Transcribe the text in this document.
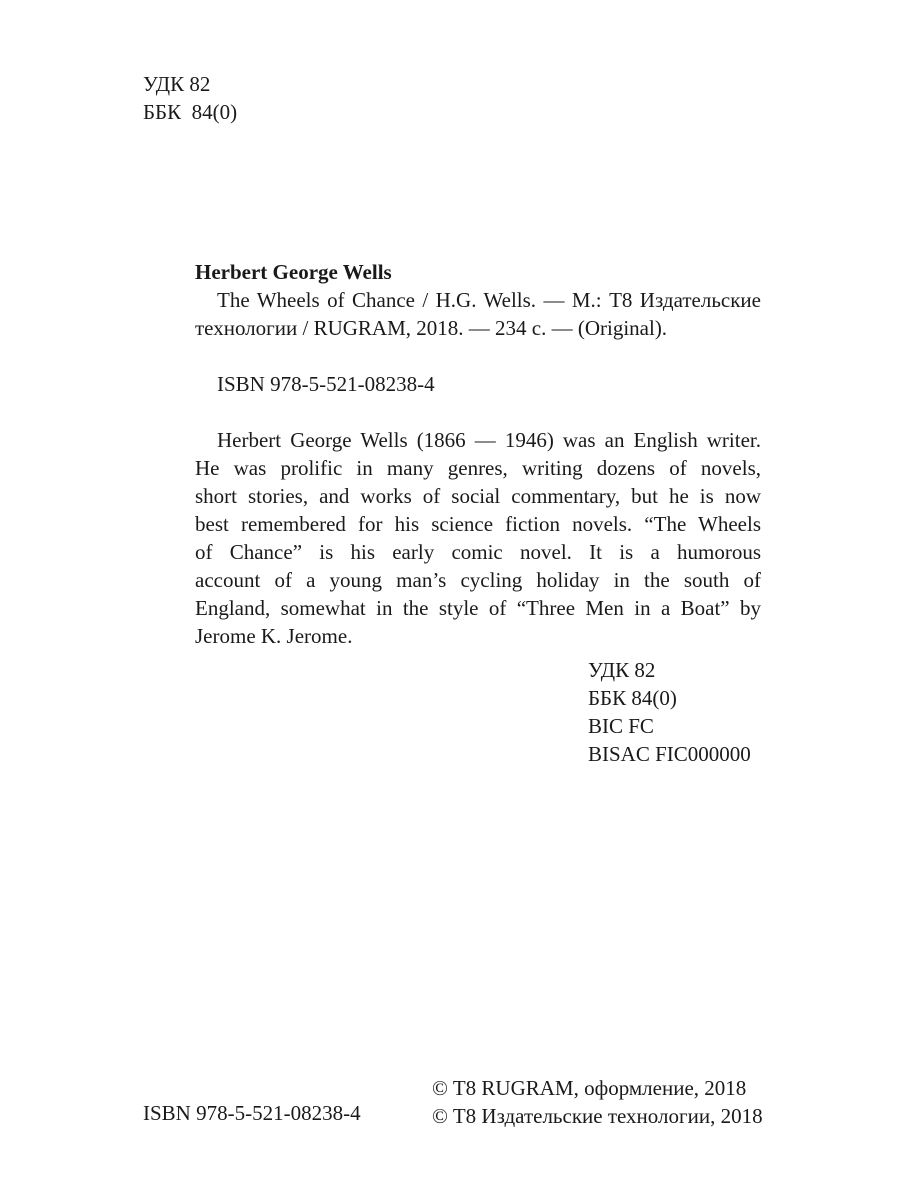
УДК 82
ББК  84(0)
Herbert George Wells
The Wheels of Chance / H.G. Wells. — М.: T8 Издательские
технологии / RUGRAM, 2018. — 234 с. — (Original).
ISBN 978-5-521-08238-4
Herbert George Wells (1866 — 1946) was an English writer.
He was prolific in many genres, writing dozens of novels,
short stories, and works of social commentary, but he is now
best remembered for his science fiction novels. “The Wheels
of Chance” is his early comic novel. It is a humorous
account of a young man’s cycling holiday in the south of
England, somewhat in the style of “Three Men in a Boat” by
Jerome K. Jerome.
УДК 82
ББК 84(0)
BIC FC
BISAC FIC000000
ISBN 978-5-521-08238-4
© T8 RUGRAM, оформление, 2018
© T8 Издательские технологии, 2018
